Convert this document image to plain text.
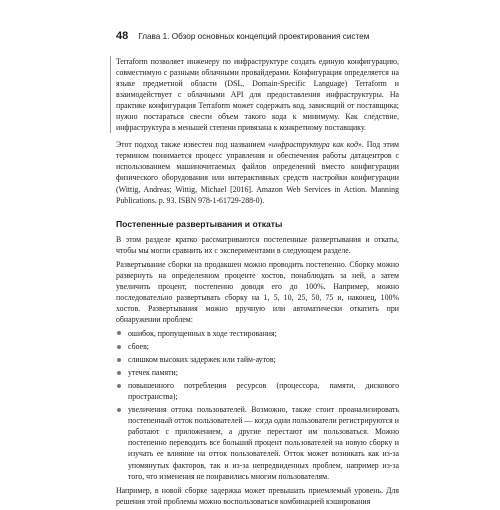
48 Глава 1. Обзор основных концепций проектирования систем

Terraform позволяет инженеру по инфраструктуре создать единую конфигурацию, совместимую с разными облачными провайдерами. Конфигурация определяется на языке предметной области (DSL, Domain-Specific Language) Terraform и взаимодействует с облачными API для предоставления инфраструктуры. На практике конфигурация Terraform может содержать код, зависящий от поставщика; нужно постараться свести объем такого кода к минимуму. Как следствие, инфраструктура в меньшей степени привязана к конкретному поставщику.

Этот подход также известен под названием «инфраструктура как код». Под этим термином понимается процесс управления и обеспечения работы датацентров с использованием машиночитаемых файлов определений вместо конфигурации физического оборудования или интерактивных средств настройки конфигурации (Wittig, Andreas; Wittig, Michael [2016]. Amazon Web Services in Action. Manning Publications. p. 93. ISBN 978-1-61729-288-0).

Постепенные развертывания и откаты

В этом разделе кратко рассматриваются постепенные развертывания и откаты, чтобы мы могли сравнить их с экспериментами в следующем разделе.

Развертывание сборки на продакшен можно проводить постепенно. Сборку можно развернуть на определенном проценте хостов, понаблюдать за ней, а затем увеличить процент, постепенно доводя его до 100%. Например, можно последовательно развертывать сборку на 1, 5, 10, 25, 50, 75 и, наконец, 100% хостов. Развертывания можно вручную или автоматически откатить при обнаружении проблем:

ошибок, пропущенных в ходе тестирования;
сбоев;
слишком высоких задержек или тайм-аутов;
утечек памяти;
повышенного потребления ресурсов (процессора, памяти, дискового пространства);
увеличения оттока пользователей. Возможно, также стоит проанализировать постепенный отток пользователей — когда одни пользователи регистрируются и работают с приложением, а другие перестают им пользоваться. Можно постепенно переводить все больший процент пользователей на новую сборку и изучать ее влияние на отток пользователей. Отток может возникать как из-за упомянутых факторов, так и из-за непредвиденных проблем, например из-за того, что изменения не понравились многим пользователям.

Например, в новой сборке задержка может превышать приемлемый уровень. Для решения этой проблемы можно воспользоваться комбинацией кэширования
